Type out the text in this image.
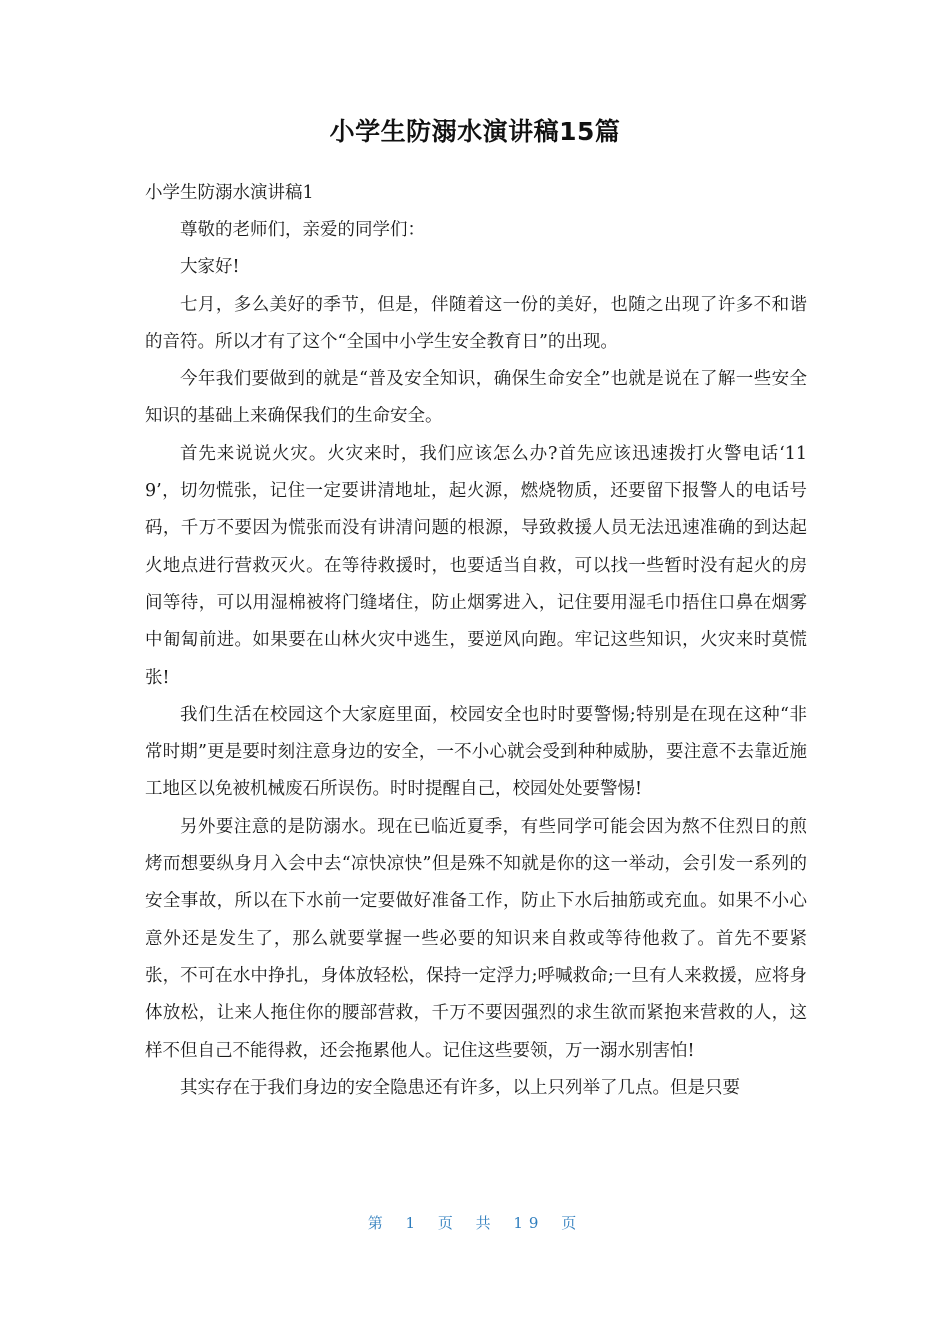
小学生防溺水演讲稿15篇

小学生防溺水演讲稿1

尊敬的老师们，亲爱的同学们：

大家好!

七月，多么美好的季节，但是，伴随着这一份的美好，也随之出现了许多不和谐的音符。所以才有了这个“全国中小学生安全教育日”的出现。

今年我们要做到的就是“普及安全知识，确保生命安全”也就是说在了解一些安全知识的基础上来确保我们的生命安全。

首先来说说火灾。火灾来时，我们应该怎么办?首先应该迅速拨打火警电话‘119’，切勿慌张，记住一定要讲清地址，起火源，燃烧物质，还要留下报警人的电话号码，千万不要因为慌张而没有讲清问题的根源，导致救援人员无法迅速准确的到达起火地点进行营救灭火。在等待救援时，也要适当自救，可以找一些暂时没有起火的房间等待，可以用湿棉被将门缝堵住，防止烟雾进入，记住要用湿毛巾捂住口鼻在烟雾中匍匐前进。如果要在山林火灾中逃生，要逆风向跑。牢记这些知识，火灾来时莫慌张!

我们生活在校园这个大家庭里面，校园安全也时时要警惕;特别是在现在这种“非常时期”更是要时刻注意身边的安全，一不小心就会受到种种威胁，要注意不去靠近施工地区以免被机械废石所误伤。时时提醒自己，校园处处要警惕!

另外要注意的是防溺水。现在已临近夏季，有些同学可能会因为熬不住烈日的煎烤而想要纵身月入会中去“凉快凉快”但是殊不知就是你的这一举动，会引发一系列的安全事故，所以在下水前一定要做好准备工作，防止下水后抽筋或充血。如果不小心意外还是发生了，那么就要掌握一些必要的知识来自救或等待他救了。首先不要紧张，不可在水中挣扎，身体放轻松，保持一定浮力;呼喊救命;一旦有人来救援，应将身体放松，让来人拖住你的腰部营救，千万不要因强烈的求生欲而紧抱来营救的人，这样不但自己不能得救，还会拖累他人。记住这些要领，万一溺水别害怕!

其实存在于我们身边的安全隐患还有许多，以上只列举了几点。但是只要

第 1 页 共 19 页
